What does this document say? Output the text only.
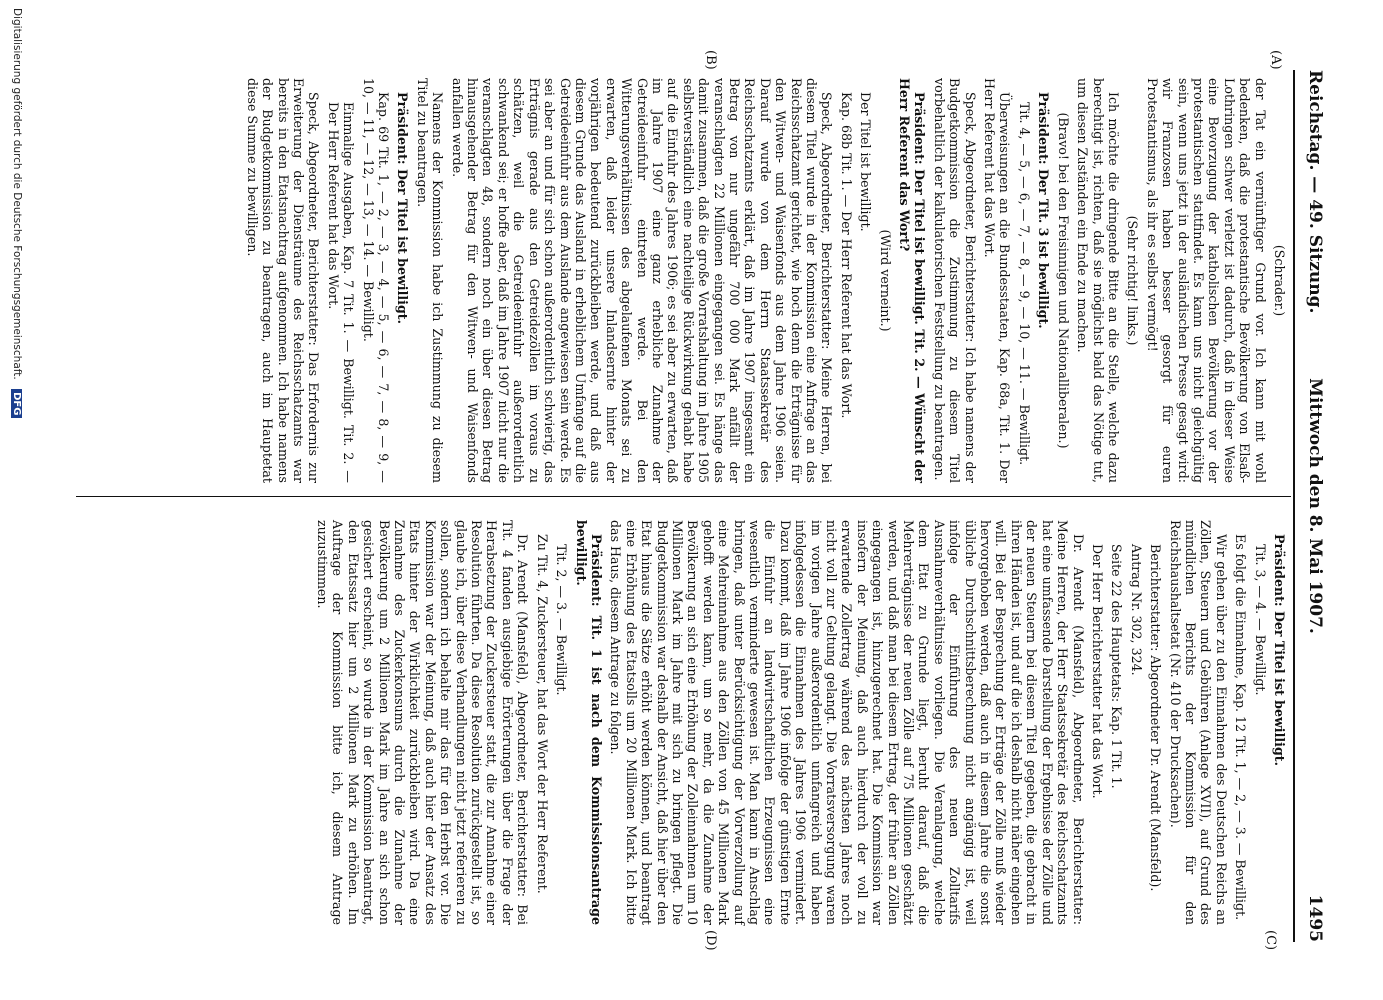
Reichstag. — 49. Sitzung.
Mittwoch den 8. Mai 1907.
1495
(A)
(B)
(C)
(D)

(Schrader.)

der Tat ein vernünftiger Grund vor. Ich kann mit wohl bedenken, daß die protestantische Bevölkerung von Elsaß-Lothringen schwer verletzt ist dadurch, daß in dieser Weise eine Bevorzugung der katholischen Bevölkerung vor der protestantischen stattfindet. Es kann uns nicht gleichgültig sein, wenn uns jetzt in der ausländischen Presse gesagt wird: wir Franzosen haben besser gesorgt für euren Protestantismus, als ihr es selbst vermögt!

(Sehr richtig! links.)

Ich möchte die dringende Bitte an die Stelle, welche dazu berechtigt ist, richten, daß sie möglichst bald das Nötige tut, um diesen Zuständen ein Ende zu machen.

(Bravo! bei den Freisinnigen und Nationalliberalen.)

Präsident: Der Tit. 3 ist bewilligt.

Tit. 4, — 5, — 6, — 7, — 8, — 9, — 10, — 11. — Bewilligt.

Überweisungen an die Bundesstaaten, Kap. 68a, Tit. 1. Der Herr Referent hat das Wort.

Speck, Abgeordneter, Berichterstatter: Ich habe namens der Budgetkommission die Zustimmung zu diesem Titel vorbehaltlich der kalkulatorischen Feststellung zu beantragen.

Präsident: Der Titel ist bewilligt. Tit. 2. — Wünscht der Herr Referent das Wort?

(Wird verneint.)

Der Titel ist bewilligt.

Kap. 68b Tit. 1. — Der Herr Referent hat das Wort.

Speck, Abgeordneter, Berichterstatter: Meine Herren, bei diesem Titel wurde in der Kommission eine Anfrage an das Reichsschatzamt gerichtet, wie hoch denn die Erträgnisse für den Witwen- und Waisenfonds aus dem Jahre 1906 seien. Darauf wurde von dem Herrn Staatssekretär des Reichsschatzamts erklärt, daß im Jahre 1907 insgesamt ein Betrag von nur ungefähr 700 000 Mark anfällt der veranschlagten 22 Millionen eingegangen sei. Es hänge das damit zusammen, daß die große Vorratshaltung im Jahre 1905 selbstverständlich eine nachteilige Rückwirkung gehabt habe auf die Einfuhr des Jahres 1906; es sei aber zu erwarten, daß im Jahre 1907 eine ganz erhebliche Zunahme der Getreideeinfuhr eintreten werde. Bei den Witterungsverhältnissen des abgelaufenen Monats sei zu erwarten, daß leider unsere Inlandsernte hinter der vorjährigen bedeutend zurückbleiben werde, und daß aus diesem Grunde das Ausland in erheblichem Umfange auf die Getreideeinfuhr aus dem Auslande angewiesen sein werde. Es sei aber an und für sich schon außerordentlich schwierig, das Erträgnis gerade aus den Getreidezöllen im voraus zu schätzen, weil die Getreideeinfuhr außerordentlich schwankend sei; er hoffe aber, daß im Jahre 1907 nicht nur die veranschlagten 48, sondern noch ein über diesen Betrag hinausgehender Betrag für den Witwen- und Waisenfonds anfallen werde.

Namens der Kommission habe ich Zustimmung zu diesem Titel zu beantragen.

Präsident: Der Titel ist bewilligt.

Kap. 69 Tit. 1, — 2, — 3, — 4, — 5, — 6, — 7, — 8, — 9, — 10, — 11, — 12, — 13, — 14. — Bewilligt.

Einmalige Ausgaben, Kap. 7 Tit. 1. — Bewilligt. Tit. 2. — Der Herr Referent hat das Wort.

Speck, Abgeordneter, Berichterstatter: Das Erfordernis zur Erweiterung der Diensträume des Reichsschatzamts war bereits in den Etatsnachtrag aufgenommen. Ich habe namens der Budgetkommission zu beantragen, auch im Hauptetat diese Summe zu bewilligen.

Präsident: Der Titel ist bewilligt.

Tit. 3, — 4. — Bewilligt.

Es folgt die Einnahme, Kap. 12 Tit. 1, — 2, — 3. — Bewilligt.

Wir gehen über zu den Einnahmen des Deutschen Reichs an Zöllen, Steuern und Gebühren (Anlage XVII), auf Grund des mündlichen Berichts der Kommission für den Reichshaushaltsetat (Nr. 410 der Drucksachen).

Berichterstatter: Abgeordneter Dr. Arendt (Mansfeld).

Antrag Nr. 302, 324.

Seite 22 des Hauptetats: Kap. 1 Tit. 1.

Der Herr Berichterstatter hat das Wort.

Dr. Arendt (Mansfeld), Abgeordneter, Berichterstatter: Meine Herren, der Herr Staatssekretär des Reichsschatzamts hat eine umfassende Darstellung der Ergebnisse der Zölle und der neuen Steuern bei diesem Titel gegeben, die gebracht in ihren Händen ist, und auf die ich deshalb nicht näher eingehen will. Bei der Besprechung der Erträge der Zölle muß wieder hervorgehoben werden, daß auch in diesem Jahre die sonst übliche Durchschnittsberechnung nicht angängig ist, weil infolge der Einführung des neuen Zolltarifs Ausnahmeverhältnisse vorliegen. Die Veranlagung, welche dem Etat zu Grunde liegt, beruht darauf, daß die Mehrerträgnisse der neuen Zölle auf 75 Millionen geschätzt werden, und daß man bei diesem Ertrag, der früher an Zöllen eingegangen ist, hinzugerechnet hat. Die Kommission war insofern der Meinung, daß auch hierdurch der voll zu erwartende Zollertrag während des nächsten Jahres noch nicht voll zur Geltung gelangt. Die Vorratsversorgung waren im vorigen Jahre außerordentlich umfangreich und haben infolgedessen die Einnahmen des Jahres 1906 vermindert. Dazu kommt, daß im Jahre 1906 infolge der günstigen Ernte die Einfuhr an landwirtschaftlichen Erzeugnissen eine wesentlich verminderte gewesen ist. Man kann in Anschlag bringen, daß unter Berücksichtigung der Vorverzollung auf eine Mehreinnahme aus den Zöllen von 45 Millionen Mark gehofft werden kann, um so mehr, da die Zunahme der Bevölkerung an sich eine Erhöhung der Zolleinnahmen um 10 Millionen Mark im Jahre mit sich zu bringen pflegt. Die Budgetkommission war deshalb der Ansicht, daß hier über den Etat hinaus die Sätze erhöht werden können, und beantragt eine Erhöhung des Etatsolls um 20 Millionen Mark. Ich bitte das Haus, diesem Antrage zu folgen.

Präsident: Tit. 1 ist nach dem Kommissionsantrage bewilligt.

Tit. 2, — 3. — Bewilligt.

Zu Tit. 4, Zuckersteuer, hat das Wort der Herr Referent.

Dr. Arendt (Mansfeld), Abgeordneter, Berichterstatter: Bei Tit. 4 fanden ausgiebige Erörterungen über die Frage der Herabsetzung der Zuckersteuer statt, die zur Annahme einer Resolution führten. Da diese Resolution zurückgestellt ist, so glaube ich, über diese Verhandlungen nicht jetzt referieren zu sollen, sondern ich behalte mir das für den Herbst vor. Die Kommission war der Meinung, daß auch hier der Ansatz des Etats hinter der Wirklichkeit zurückbleiben wird. Da eine Zunahme des Zuckerkonsums durch die Zunahme der Bevölkerung um 2 Millionen Mark im Jahre an sich schon gesichert erscheint, so wurde in der Kommission beantragt, den Etatssatz hier um 2 Millionen Mark zu erhöhen. Im Auftrage der Kommission bitte ich, diesem Antrage zuzustimmen.

Digitalisierung gefördert durch die Deutsche Forschungsgemeinschaft. DFG
